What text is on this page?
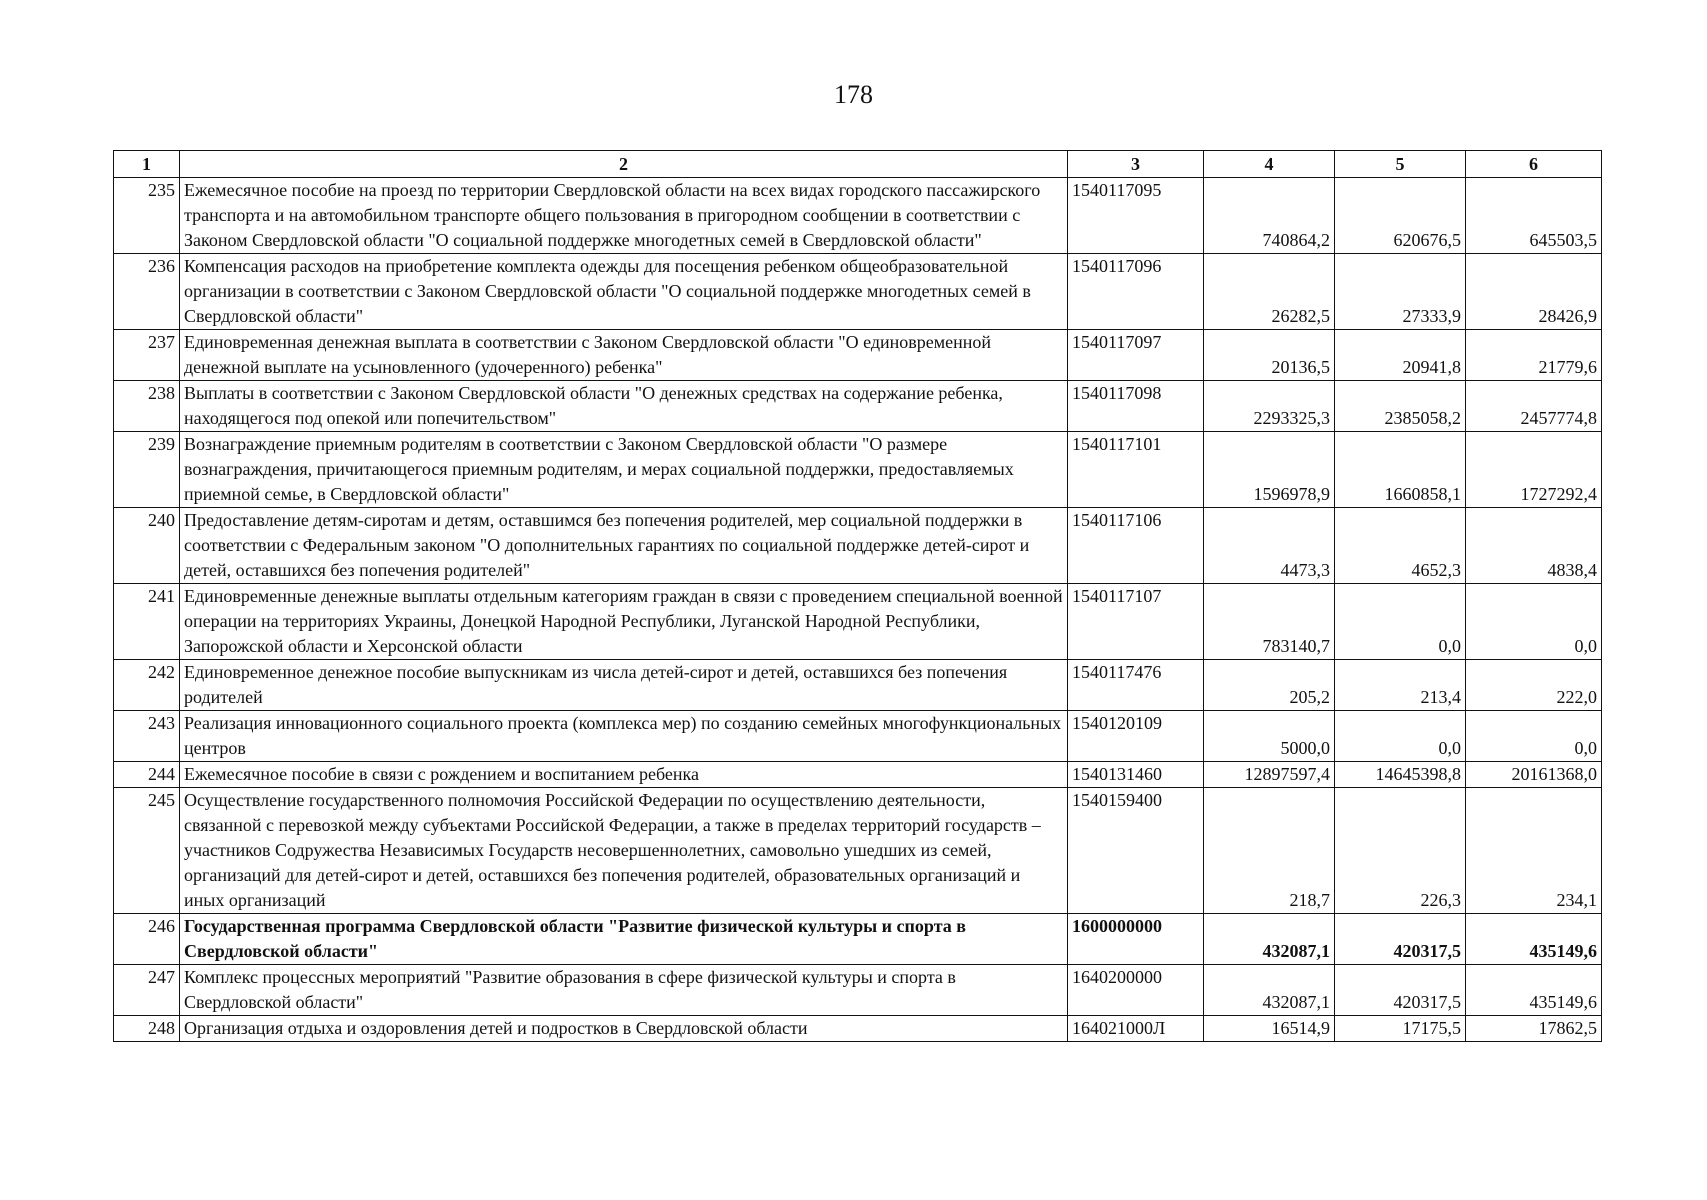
178
1	2	3	4	5	6
235	Ежемесячное пособие на проезд по территории Свердловской области на всех видах городского пассажирского транспорта и на автомобильном транспорте общего пользования в пригородном сообщении в соответствии с Законом Свердловской области "О социальной поддержке многодетных семей в Свердловской области"	1540117095	740864,2	620676,5	645503,5
236	Компенсация расходов на приобретение комплекта одежды для посещения ребенком общеобразовательной организации в соответствии с Законом Свердловской области "О социальной поддержке многодетных семей в Свердловской области"	1540117096	26282,5	27333,9	28426,9
237	Единовременная денежная выплата в соответствии с Законом Свердловской области "О единовременной денежной выплате на усыновленного (удочеренного) ребенка"	1540117097	20136,5	20941,8	21779,6
238	Выплаты в соответствии с Законом Свердловской области "О денежных средствах на содержание ребенка, находящегося под опекой или попечительством"	1540117098	2293325,3	2385058,2	2457774,8
239	Вознаграждение приемным родителям в соответствии с Законом Свердловской области "О размере вознаграждения, причитающегося приемным родителям, и мерах социальной поддержки, предоставляемых приемной семье, в Свердловской области"	1540117101	1596978,9	1660858,1	1727292,4
240	Предоставление детям-сиротам и детям, оставшимся без попечения родителей, мер социальной поддержки в соответствии с Федеральным законом "О дополнительных гарантиях по социальной поддержке детей-сирот и детей, оставшихся без попечения родителей"	1540117106	4473,3	4652,3	4838,4
241	Единовременные денежные выплаты отдельным категориям граждан в связи с проведением специальной военной операции на территориях Украины, Донецкой Народной Республики, Луганской Народной Республики, Запорожской области и Херсонской области	1540117107	783140,7	0,0	0,0
242	Единовременное денежное пособие выпускникам из числа детей-сирот и детей, оставшихся без попечения родителей	1540117476	205,2	213,4	222,0
243	Реализация инновационного социального проекта (комплекса мер) по созданию семейных многофункциональных центров	1540120109	5000,0	0,0	0,0
244	Ежемесячное пособие в связи с рождением и воспитанием ребенка	1540131460	12897597,4	14645398,8	20161368,0
245	Осуществление государственного полномочия Российской Федерации по осуществлению деятельности, связанной с перевозкой между субъектами Российской Федерации, а также в пределах территорий государств – участников Содружества Независимых Государств несовершеннолетних, самовольно ушедших из семей, организаций для детей-сирот и детей, оставшихся без попечения родителей, образовательных организаций и иных организаций	1540159400	218,7	226,3	234,1
246	Государственная программа Свердловской области "Развитие физической культуры и спорта в Свердловской области"	1600000000	432087,1	420317,5	435149,6
247	Комплекс процессных мероприятий "Развитие образования в сфере физической культуры и спорта в Свердловской области"	1640200000	432087,1	420317,5	435149,6
248	Организация отдыха и оздоровления детей и подростков в Свердловской области	164021000Л	16514,9	17175,5	17862,5
